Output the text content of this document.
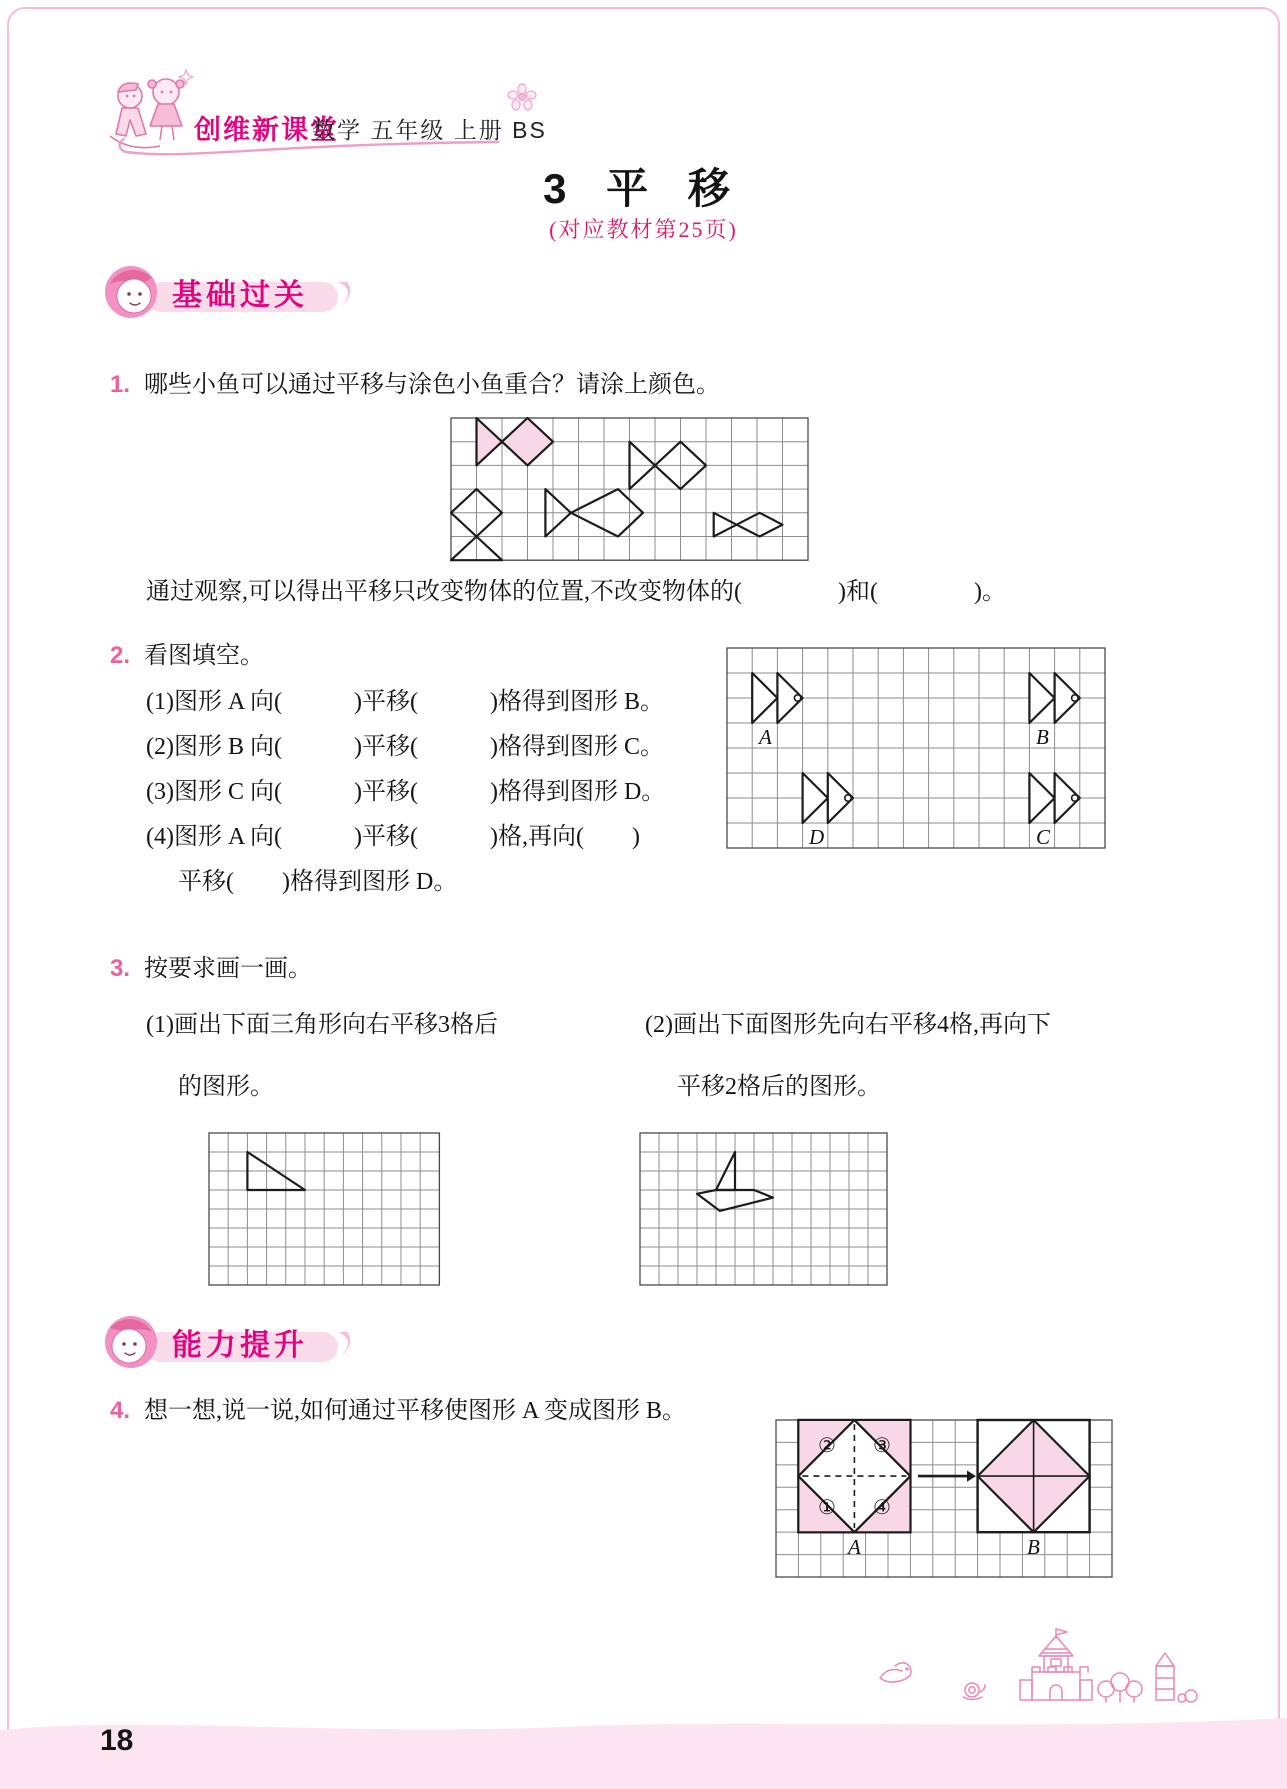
创维新课堂
数学 五年级 上册 BS
3 平 移
(对应教材第25页)
基础过关
1. 哪些小鱼可以通过平移与涂色小鱼重合？请涂上颜色。
通过观察,可以得出平移只改变物体的位置,不改变物体的(　　　　)和(　　　　)。
2. 看图填空。
(1)图形 A 向(　　　)平移(　　　)格得到图形 B。
(2)图形 B 向(　　　)平移(　　　)格得到图形 C。
(3)图形 C 向(　　　)平移(　　　)格得到图形 D。
(4)图形 A 向(　　　)平移(　　　)格,再向(　　)
平移(　　)格得到图形 D。
A	B
C
D
3. 按要求画一画。
(1)画出下面三角形向右平移3格后
的图形。
(2)画出下面图形先向右平移4格,再向下
平移2格后的图形。
能力提升
4. 想一想,说一说,如何通过平移使图形 A 变成图形 B。
② ③
① ④
A	B
18
